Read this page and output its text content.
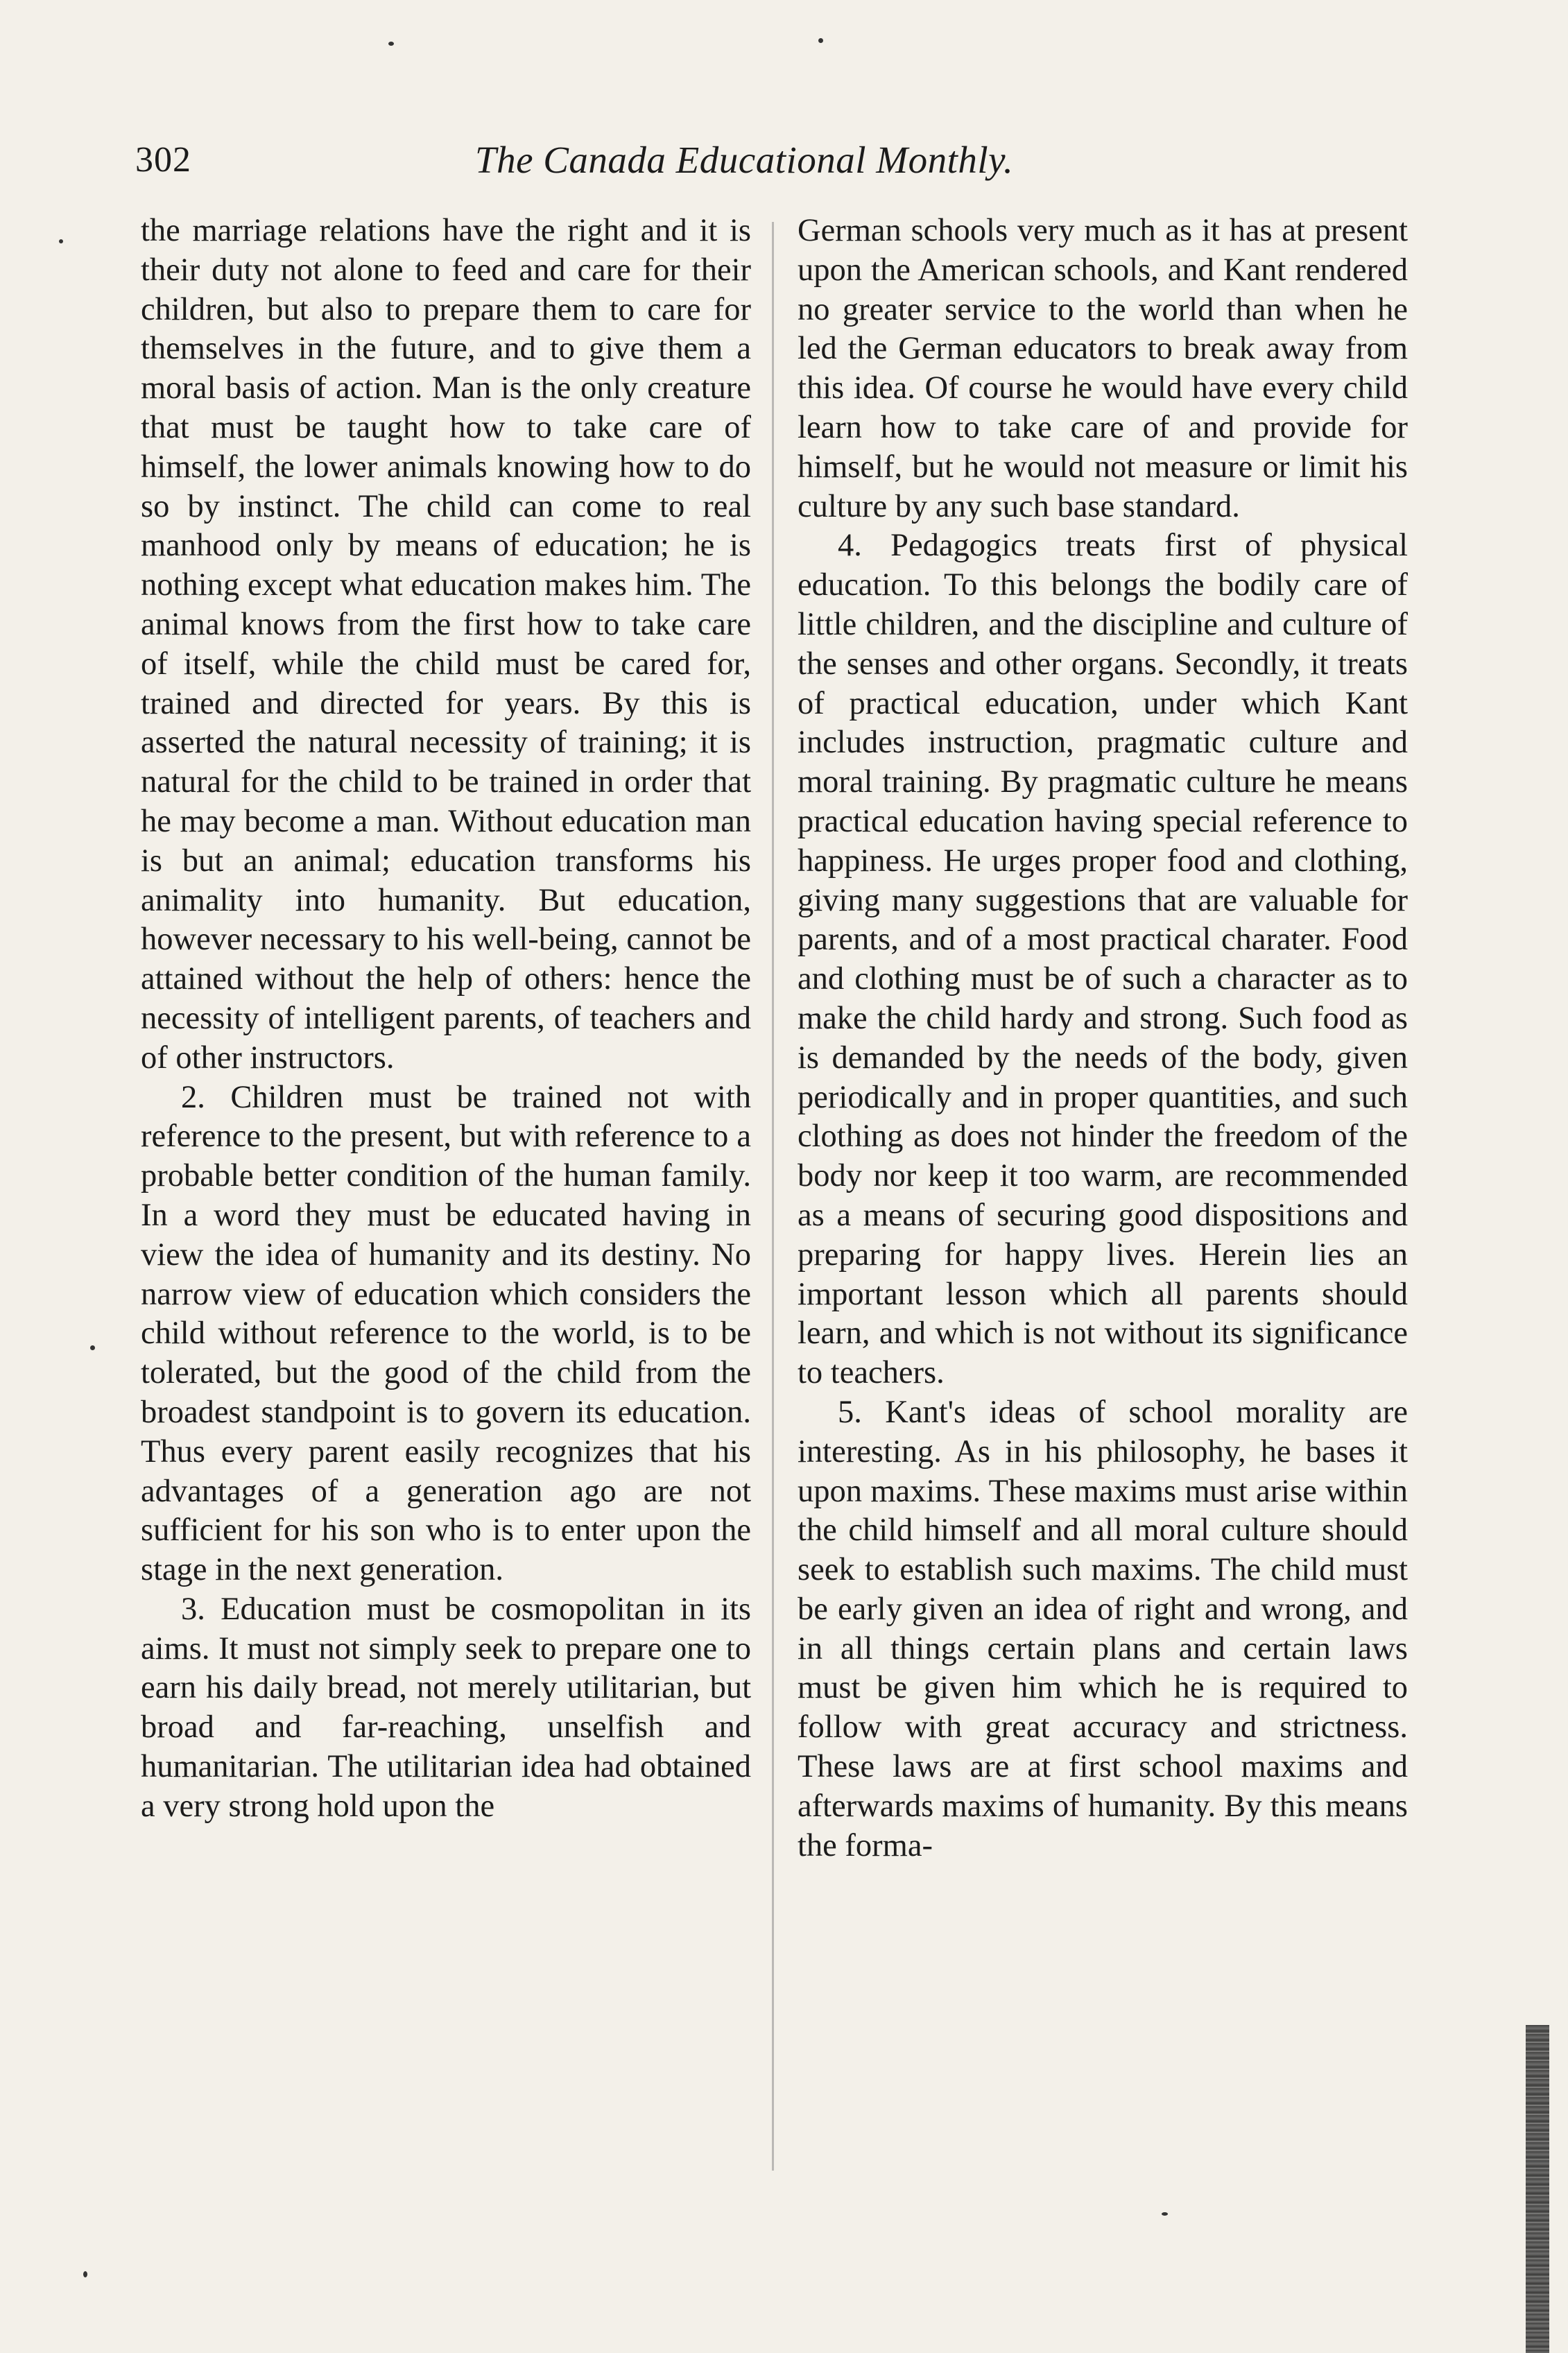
302	The Canada Educational Monthly.

the marriage relations have the right and it is their duty not alone to feed and care for their children, but also to prepare them to care for themselves in the future, and to give them a moral basis of action. Man is the only creature that must be taught how to take care of himself, the lower animals knowing how to do so by instinct. The child can come to real manhood only by means of education; he is nothing except what education makes him. The animal knows from the first how to take care of itself, while the child must be cared for, trained and directed for years. By this is asserted the natural necessity of training; it is natural for the child to be trained in order that he may become a man. Without education man is but an animal; education transforms his animality into humanity. But education, however necessary to his well-being, cannot be attained without the help of others: hence the necessity of intelligent parents, of teachers and of other instructors.

2. Children must be trained not with reference to the present, but with reference to a probable better condition of the human family. In a word they must be educated having in view the idea of humanity and its destiny. No narrow view of education which considers the child without reference to the world, is to be tolerated, but the good of the child from the broadest standpoint is to govern its education. Thus every parent easily recognizes that his advantages of a generation ago are not sufficient for his son who is to enter upon the stage in the next generation.

3. Education must be cosmopolitan in its aims. It must not simply seek to prepare one to earn his daily bread, not merely utilitarian, but broad and far-reaching, unselfish and humanitarian. The utilitarian idea had obtained a very strong hold upon the

German schools very much as it has at present upon the American schools, and Kant rendered no greater service to the world than when he led the German educators to break away from this idea. Of course he would have every child learn how to take care of and provide for himself, but he would not measure or limit his culture by any such base standard.

4. Pedagogics treats first of physical education. To this belongs the bodily care of little children, and the discipline and culture of the senses and other organs. Secondly, it treats of practical education, under which Kant includes instruction, pragmatic culture and moral training. By pragmatic culture he means practical education having special reference to happiness. He urges proper food and clothing, giving many suggestions that are valuable for parents, and of a most practical charater. Food and clothing must be of such a character as to make the child hardy and strong. Such food as is demanded by the needs of the body, given periodically and in proper quantities, and such clothing as does not hinder the freedom of the body nor keep it too warm, are recommended as a means of securing good dispositions and preparing for happy lives. Herein lies an important lesson which all parents should learn, and which is not without its significance to teachers.

5. Kant's ideas of school morality are interesting. As in his philosophy, he bases it upon maxims. These maxims must arise within the child himself and all moral culture should seek to establish such maxims. The child must be early given an idea of right and wrong, and in all things certain plans and certain laws must be given him which he is required to follow with great accuracy and strictness. These laws are at first school maxims and afterwards maxims of humanity. By this means the forma-
